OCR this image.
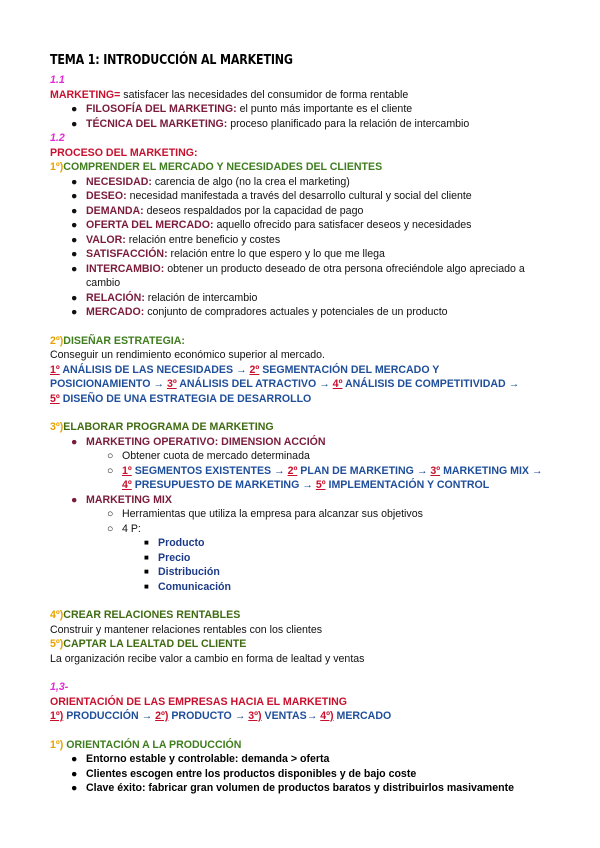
TEMA 1: INTRODUCCIÓN AL MARKETING
1.1
MARKETING= satisfacer las necesidades del consumidor de forma rentable
● FILOSOFÍA DEL MARKETING: el punto más importante es el cliente
● TÉCNICA DEL MARKETING: proceso planificado para la relación de intercambio
1.2
PROCESO DEL MARKETING:
1º)COMPRENDER EL MERCADO Y NECESIDADES DEL CLIENTES
● NECESIDAD: carencia de algo (no la crea el marketing)
● DESEO: necesidad manifestada a través del desarrollo cultural y social del cliente
● DEMANDA: deseos respaldados por la capacidad de pago
● OFERTA DEL MERCADO: aquello ofrecido para satisfacer deseos y necesidades
● VALOR: relación entre beneficio y costes
● SATISFACCIÓN: relación entre lo que espero y lo que me llega
● INTERCAMBIO: obtener un producto deseado de otra persona ofreciéndole algo apreciado a
cambio
● RELACIÓN: relación de intercambio
● MERCADO: conjunto de compradores actuales y potenciales de un producto
2º)DISEÑAR ESTRATEGIA:
Conseguir un rendimiento económico superior al mercado.
1º ANÁLISIS DE LAS NECESIDADES → 2º SEGMENTACIÓN DEL MERCADO Y
POSICIONAMIENTO → 3º ANÁLISIS DEL ATRACTIVO → 4º ANÁLISIS DE COMPETITIVIDAD →
5º DISEÑO DE UNA ESTRATEGIA DE DESARROLLO
3º)ELABORAR PROGRAMA DE MARKETING
● MARKETING OPERATIVO: DIMENSION ACCIÓN
○ Obtener cuota de mercado determinada
○ 1º SEGMENTOS EXISTENTES → 2º PLAN DE MARKETING → 3º MARKETING MIX →
4º PRESUPUESTO DE MARKETING → 5º IMPLEMENTACIÓN Y CONTROL
● MARKETING MIX
○ Herramientas que utiliza la empresa para alcanzar sus objetivos
○ 4 P:
■ Producto
■ Precio
■ Distribución
■ Comunicación
4º)CREAR RELACIONES RENTABLES
Construir y mantener relaciones rentables con los clientes
5º)CAPTAR LA LEALTAD DEL CLIENTE
La organización recibe valor a cambio en forma de lealtad y ventas
1,3-
ORIENTACIÓN DE LAS EMPRESAS HACIA EL MARKETING
1º) PRODUCCIÓN → 2º) PRODUCTO → 3º) VENTAS→ 4º) MERCADO
1º) ORIENTACIÓN A LA PRODUCCIÓN
● Entorno estable y controlable: demanda > oferta
● Clientes escogen entre los productos disponibles y de bajo coste
● Clave éxito: fabricar gran volumen de productos baratos y distribuirlos masivamente
